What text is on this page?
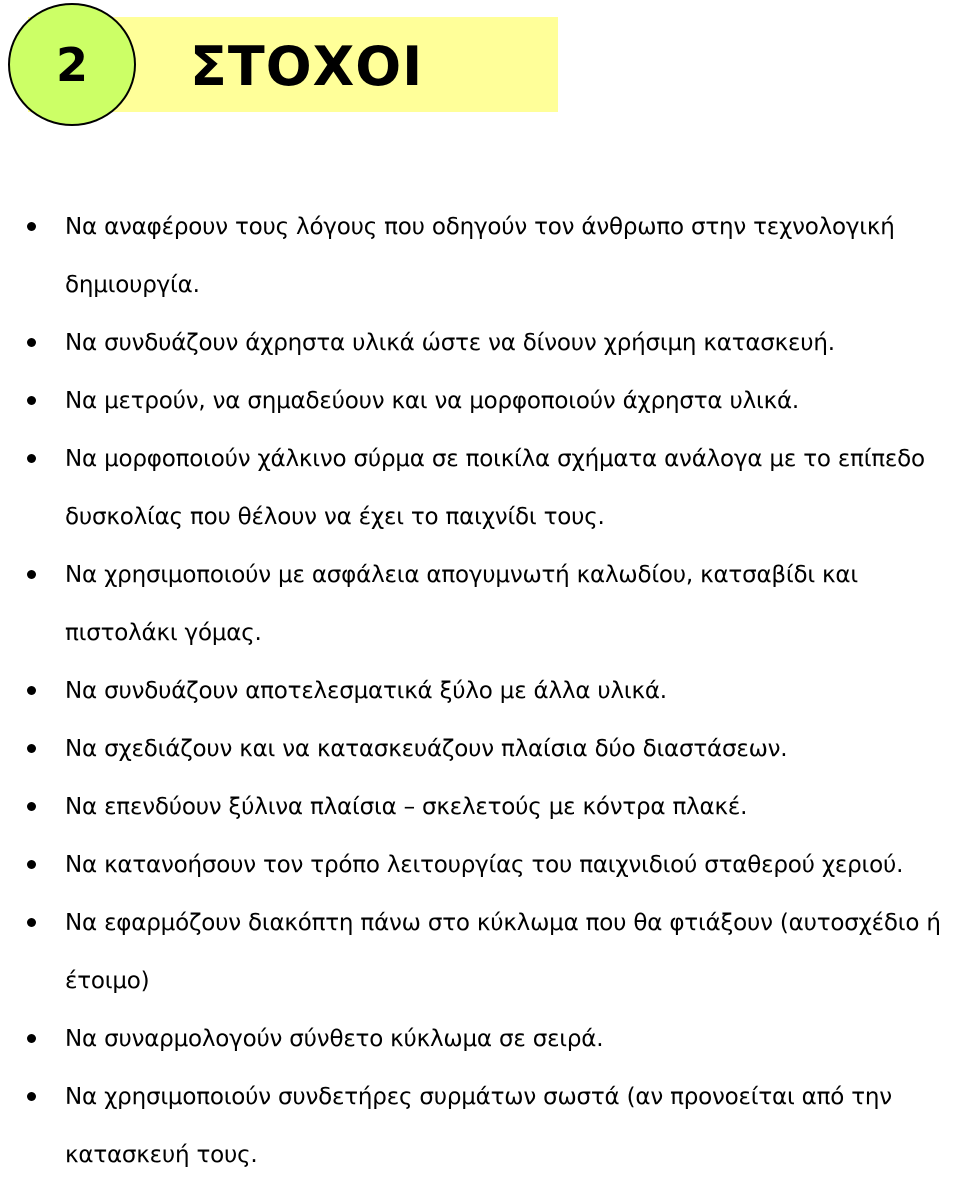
2 ΣΤΟΧΟΙ
Να αναφέρουν τους λόγους που οδηγούν τον άνθρωπο στην τεχνολογική δημιουργία.
Να συνδυάζουν άχρηστα υλικά ώστε να δίνουν χρήσιμη κατασκευή.
Να μετρούν, να σημαδεύουν και να μορφοποιούν άχρηστα υλικά.
Να μορφοποιούν χάλκινο σύρμα σε ποικίλα σχήματα ανάλογα με το επίπεδο δυσκολίας που θέλουν να έχει το παιχνίδι τους.
Να χρησιμοποιούν με ασφάλεια απογυμνωτή καλωδίου, κατσαβίδι και πιστολάκι γόμας.
Να συνδυάζουν αποτελεσματικά ξύλο με άλλα υλικά.
Να σχεδιάζουν και να κατασκευάζουν πλαίσια δύο διαστάσεων.
Να επενδύουν ξύλινα πλαίσια – σκελετούς με κόντρα πλακέ.
Να κατανοήσουν τον τρόπο λειτουργίας του παιχνιδιού σταθερού χεριού.
Να εφαρμόζουν διακόπτη πάνω στο κύκλωμα που θα φτιάξουν (αυτοσχέδιο ή έτοιμο)
Να συναρμολογούν σύνθετο κύκλωμα σε σειρά.
Να χρησιμοποιούν συνδετήρες συρμάτων σωστά (αν προνοείται από την κατασκευή τους.
